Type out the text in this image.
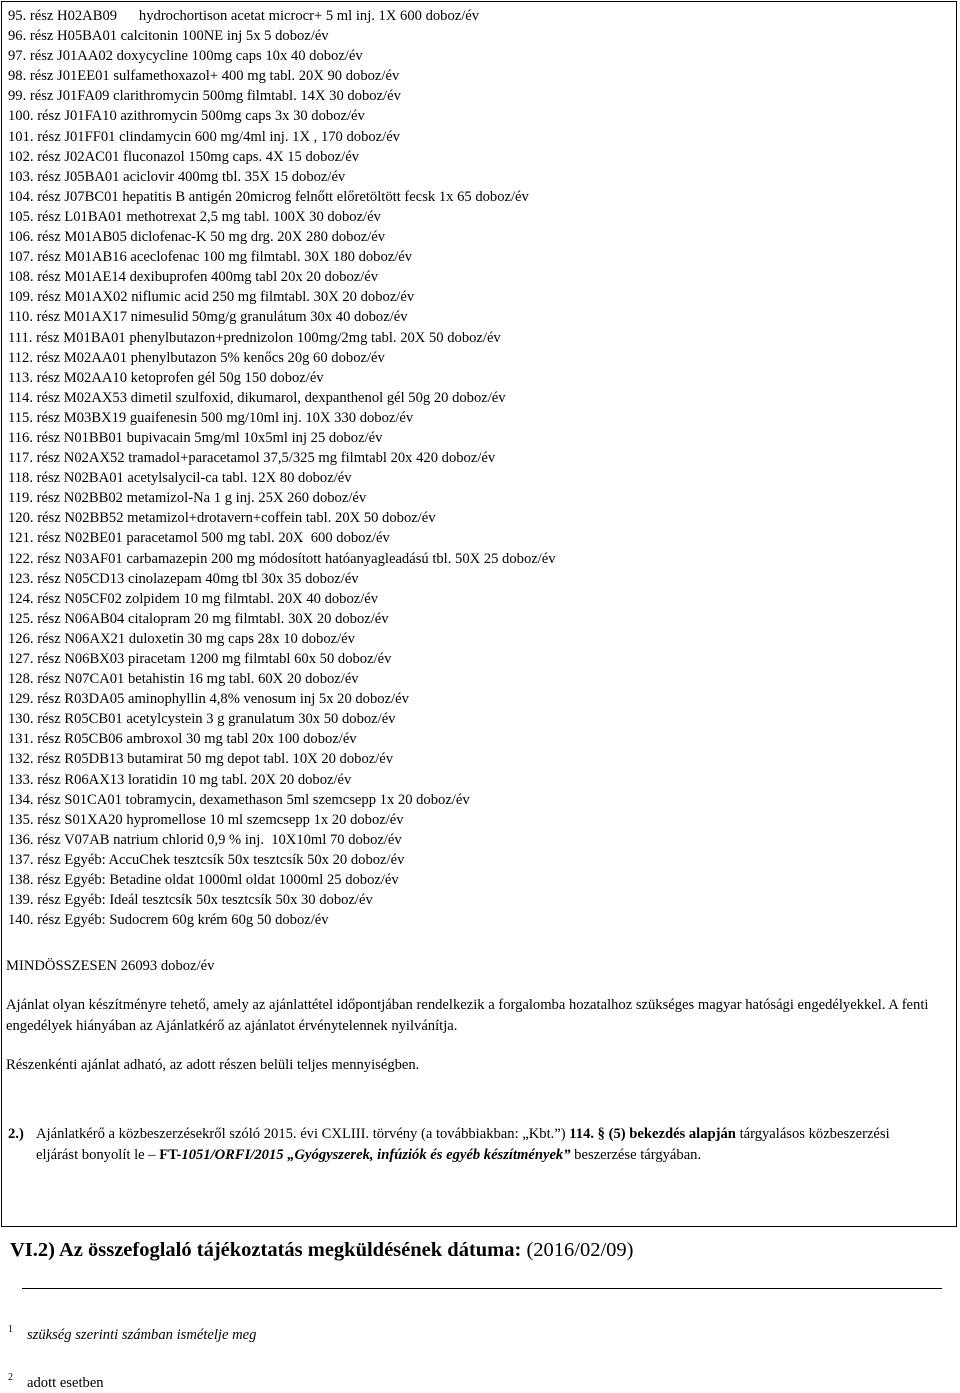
95. rész H02AB09      hydrochortison acetat microcr+ 5 ml inj. 1X 600 doboz/év
96. rész H05BA01 calcitonin 100NE inj 5x 5 doboz/év
97. rész J01AA02 doxycycline 100mg caps 10x 40 doboz/év
98. rész J01EE01 sulfamethoxazol+ 400 mg tabl. 20X 90 doboz/év
99. rész J01FA09 clarithromycin 500mg filmtabl. 14X 30 doboz/év
100. rész J01FA10 azithromycin 500mg caps 3x 30 doboz/év
101. rész J01FF01 clindamycin 600 mg/4ml inj. 1X , 170 doboz/év
102. rész J02AC01 fluconazol 150mg caps. 4X 15 doboz/év
103. rész J05BA01 aciclovir 400mg tbl. 35X 15 doboz/év
104. rész J07BC01 hepatitis B antigén 20microg felnőtt előretöltött fecsk 1x 65 doboz/év
105. rész L01BA01 methotrexat 2,5 mg tabl. 100X 30 doboz/év
106. rész M01AB05 diclofenac-K 50 mg drg. 20X 280 doboz/év
107. rész M01AB16 aceclofenac 100 mg filmtabl. 30X 180 doboz/év
108. rész M01AE14 dexibuprofen 400mg tabl 20x 20 doboz/év
109. rész M01AX02 niflumic acid 250 mg filmtabl. 30X 20 doboz/év
110. rész M01AX17 nimesulid 50mg/g granulátum 30x 40 doboz/év
111. rész M01BA01 phenylbutazon+prednizolon 100mg/2mg tabl. 20X 50 doboz/év
112. rész M02AA01 phenylbutazon 5% kenőcs 20g 60 doboz/év
113. rész M02AA10 ketoprofen gél 50g 150 doboz/év
114. rész M02AX53 dimetil szulfoxid, dikumarol, dexpanthenol gél 50g 20 doboz/év
115. rész M03BX19 guaifenesin 500 mg/10ml inj. 10X 330 doboz/év
116. rész N01BB01 bupivacain 5mg/ml 10x5ml inj 25 doboz/év
117. rész N02AX52 tramadol+paracetamol 37,5/325 mg filmtabl 20x 420 doboz/év
118. rész N02BA01 acetylsalycil-ca tabl. 12X 80 doboz/év
119. rész N02BB02 metamizol-Na 1 g inj. 25X 260 doboz/év
120. rész N02BB52 metamizol+drotavern+coffein tabl. 20X 50 doboz/év
121. rész N02BE01 paracetamol 500 mg tabl. 20X  600 doboz/év
122. rész N03AF01 carbamazepin 200 mg módosított hatóanyagleadású tbl. 50X 25 doboz/év
123. rész N05CD13 cinolazepam 40mg tbl 30x 35 doboz/év
124. rész N05CF02 zolpidem 10 mg filmtabl. 20X 40 doboz/év
125. rész N06AB04 citalopram 20 mg filmtabl. 30X 20 doboz/év
126. rész N06AX21 duloxetin 30 mg caps 28x 10 doboz/év
127. rész N06BX03 piracetam 1200 mg filmtabl 60x 50 doboz/év
128. rész N07CA01 betahistin 16 mg tabl. 60X 20 doboz/év
129. rész R03DA05 aminophyllin 4,8% venosum inj 5x 20 doboz/év
130. rész R05CB01 acetylcystein 3 g granulatum 30x 50 doboz/év
131. rész R05CB06 ambroxol 30 mg tabl 20x 100 doboz/év
132. rész R05DB13 butamirat 50 mg depot tabl. 10X 20 doboz/év
133. rész R06AX13 loratidin 10 mg tabl. 20X 20 doboz/év
134. rész S01CA01 tobramycin, dexamethason 5ml szemcsepp 1x 20 doboz/év
135. rész S01XA20 hypromellose 10 ml szemcsepp 1x 20 doboz/év
136. rész V07AB natrium chlorid 0,9 % inj.  10X10ml 70 doboz/év
137. rész Egyéb: AccuChek tesztcsík 50x tesztcsík 50x 20 doboz/év
138. rész Egyéb: Betadine oldat 1000ml oldat 1000ml 25 doboz/év
139. rész Egyéb: Ideál tesztcsík 50x tesztcsík 50x 30 doboz/év
140. rész Egyéb: Sudocrem 60g krém 60g 50 doboz/év
MINDÖSSZESEN 26093 doboz/év
Ajánlat olyan készítményre tehető, amely az ajánlattétel időpontjában rendelkezik a forgalomba hozatalhoz szükséges magyar hatósági engedélyekkel. A fenti engedélyek hiányában az Ajánlatkérő az ajánlatot érvénytelennek nyilvánítja.
Részenkénti ajánlat adható, az adott részen belüli teljes mennyiségben.
2.) Ajánlatkérő a közbeszerzésekről szóló 2015. évi CXLIII. törvény (a továbbiakban: „Kbt.”) 114. § (5) bekezdés alapján tárgyalásos közbeszerzési eljárást bonyolít le – FT-1051/ORFI/2015 „Gyógyszerek, infúziók és egyéb készítmények” beszerzése tárgyában.
VI.2) Az összefoglaló tájékoztatás megküldésének dátuma: (2016/02/09)
$^1$ szükség szerinti számban ismételje meg
$^2$ adott esetben
